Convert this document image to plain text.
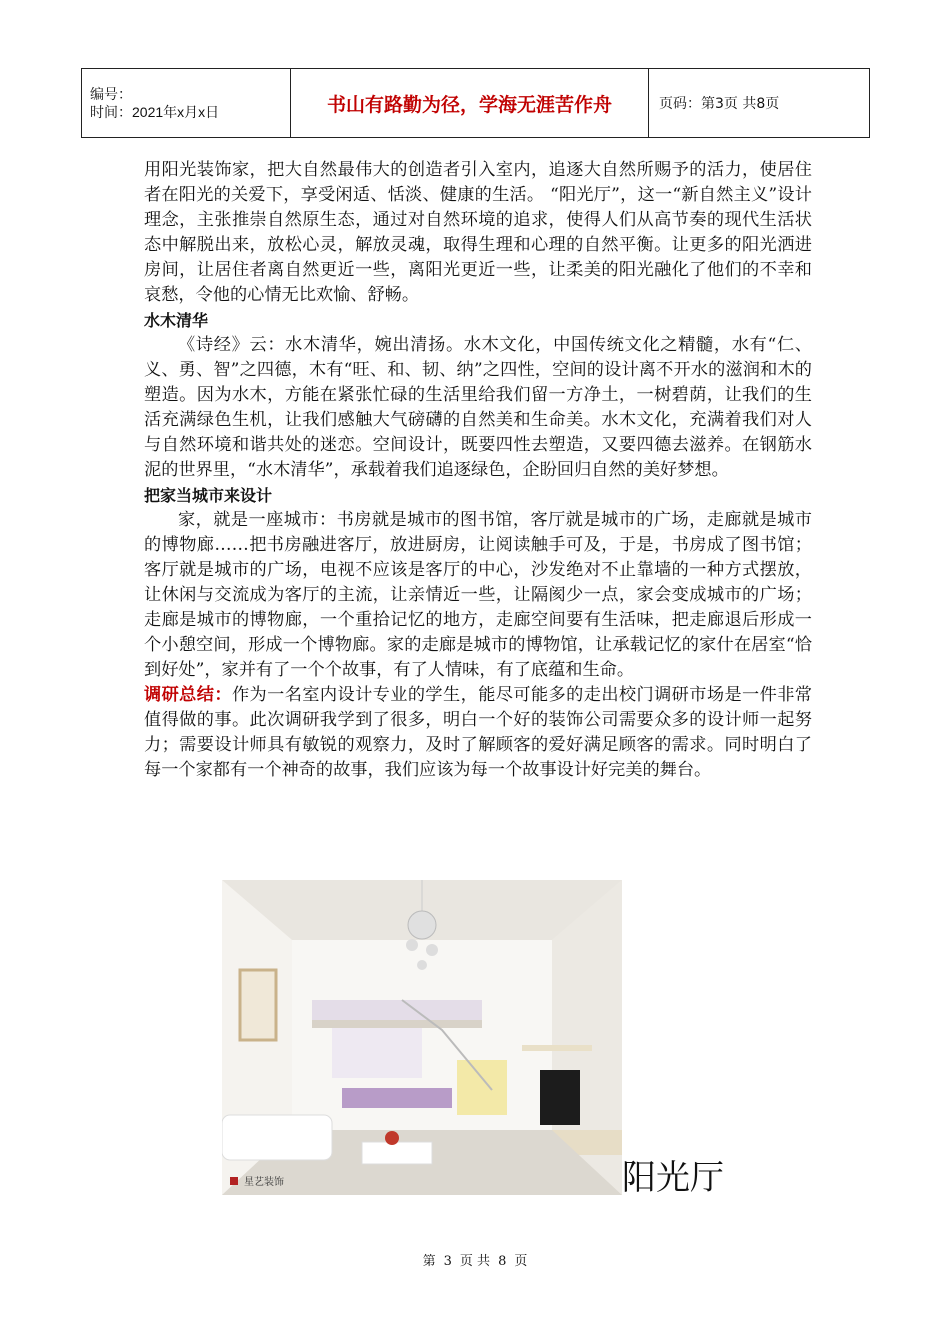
编号：
时间：2021年x月x日	书山有路勤为径，学海无涯苦作舟	页码：第3页 共8页

用阳光装饰家，把大自然最伟大的创造者引入室内，追逐大自然所赐予的活力，使居住者在阳光的关爱下，享受闲适、恬淡、健康的生活。 “阳光厅”，这一“新自然主义”设计理念，主张推崇自然原生态，通过对自然环境的追求，使得人们从高节奏的现代生活状态中解脱出来，放松心灵，解放灵魂，取得生理和心理的自然平衡。让更多的阳光洒进房间，让居住者离自然更近一些，离阳光更近一些，让柔美的阳光融化了他们的不幸和哀愁，令他的心情无比欢愉、舒畅。

水木清华

《诗经》云：水木清华，婉出清扬。水木文化，中国传统文化之精髓，水有“仁、义、勇、智”之四德，木有“旺、和、韧、纳”之四性，空间的设计离不开水的滋润和木的塑造。因为水木，方能在紧张忙碌的生活里给我们留一方净土，一树碧荫，让我们的生活充满绿色生机，让我们感触大气磅礴的自然美和生命美。水木文化，充满着我们对人与自然环境和谐共处的迷恋。空间设计，既要四性去塑造，又要四德去滋养。在钢筋水泥的世界里，“水木清华”，承载着我们追逐绿色，企盼回归自然的美好梦想。

把家当城市来设计

家，就是一座城市：书房就是城市的图书馆，客厅就是城市的广场，走廊就是城市的博物廊……把书房融进客厅，放进厨房，让阅读触手可及，于是，书房成了图书馆；客厅就是城市的广场，电视不应该是客厅的中心，沙发绝对不止靠墙的一种方式摆放，让休闲与交流成为客厅的主流，让亲情近一些，让隔阂少一点，家会变成城市的广场；走廊是城市的博物廊，一个重拾记忆的地方，走廊空间要有生活味，把走廊退后形成一个小憩空间，形成一个博物廊。家的走廊是城市的博物馆，让承载记忆的家什在居室“恰到好处”，家并有了一个个故事，有了人情味，有了底蕴和生命。

调研总结：作为一名室内设计专业的学生，能尽可能多的走出校门调研市场是一件非常值得做的事。此次调研我学到了很多，明白一个好的装饰公司需要众多的设计师一起努力；需要设计师具有敏锐的观察力，及时了解顾客的爱好满足顾客的需求。同时明白了每一个家都有一个神奇的故事，我们应该为每一个故事设计好完美的舞台。

星艺装饰	阳光厅
第 3 页 共 8 页
